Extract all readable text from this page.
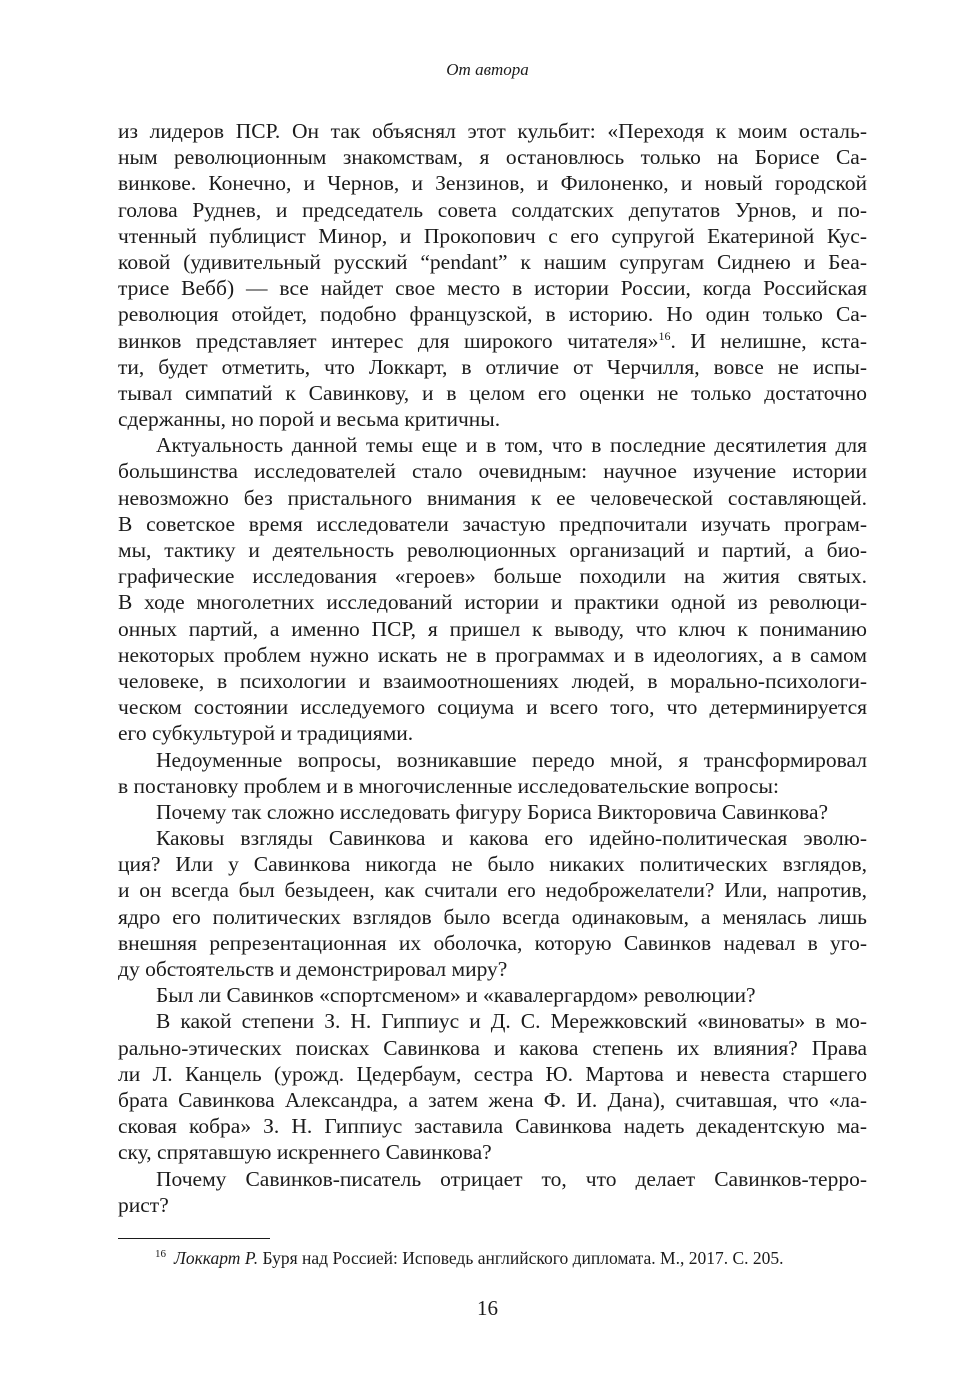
От автора
из лидеров ПСР. Он так объяснял этот кульбит: «Переходя к моим осталь-
ным революционным знакомствам, я остановлюсь только на Борисе Са-
винкове. Конечно, и Чернов, и Зензинов, и Филоненко, и новый городской
голова Руднев, и председатель совета солдатских депутатов Урнов, и по-
чтенный публицист Минор, и Прокопович с его супругой Екатериной Кус-
ковой (удивительный русский “pendant” к нашим супругам Сиднею и Беа-
трисе Вебб) — все найдет свое место в истории России, когда Российская
революция отойдет, подобно французской, в историю. Но один только Са-
винков представляет интерес для широкого читателя»$^{16}$. И нелишне, кста-
ти, будет отметить, что Локкарт, в отличие от Черчилля, вовсе не испы-
тывал симпатий к Савинкову, и в целом его оценки не только достаточно
сдержанны, но порой и весьма критичны.
Актуальность данной темы еще и в том, что в последние десятилетия для
большинства исследователей стало очевидным: научное изучение истории
невозможно без пристального внимания к ее человеческой составляющей.
В советское время исследователи зачастую предпочитали изучать програм-
мы, тактику и деятельность революционных организаций и партий, а био-
графические исследования «героев» больше походили на жития святых.
В ходе многолетних исследований истории и практики одной из революци-
онных партий, а именно ПСР, я пришел к выводу, что ключ к пониманию
некоторых проблем нужно искать не в программах и в идеологиях, а в самом
человеке, в психологии и взаимоотношениях людей, в морально-психологи-
ческом состоянии исследуемого социума и всего того, что детерминируется
его субкультурой и традициями.
Недоуменные вопросы, возникавшие передо мной, я трансформировал
в постановку проблем и в многочисленные исследовательские вопросы:
Почему так сложно исследовать фигуру Бориса Викторовича Савинкова?
Каковы взгляды Савинкова и какова его идейно-политическая эволю-
ция? Или у Савинкова никогда не было никаких политических взглядов,
и он всегда был безыдеен, как считали его недоброжелатели? Или, напротив,
ядро его политических взглядов было всегда одинаковым, а менялась лишь
внешняя репрезентационная их оболочка, которую Савинков надевал в уго-
ду обстоятельств и демонстрировал миру?
Был ли Савинков «спортсменом» и «кавалергардом» революции?
В какой степени З. Н. Гиппиус и Д. С. Мережковский «виноваты» в мо-
рально-этических поисках Савинкова и какова степень их влияния? Права
ли Л. Канцель (урожд. Цедербаум, сестра Ю. Мартова и невеста старшего
брата Савинкова Александра, а затем жена Ф. И. Дана), считавшая, что «ла-
сковая кобра» З. Н. Гиппиус заставила Савинкова надеть декадентскую ма-
ску, спрятавшую искреннего Савинкова?
Почему Савинков-писатель отрицает то, что делает Савинков-терро-
рист?
$^{16}$ Локкарт Р. Буря над Россией: Исповедь английского дипломата. М., 2017. С. 205.
16
